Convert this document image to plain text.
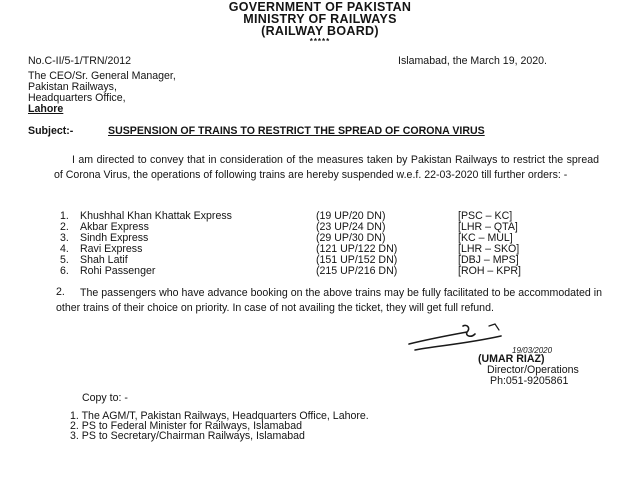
GOVERNMENT OF PAKISTAN
MINISTRY OF RAILWAYS
(RAILWAY BOARD)
*****
No.C-II/5-1/TRN/2012	Islamabad, the March 19, 2020.
The CEO/Sr. General Manager,
Pakistan Railways,
Headquarters Office,
Lahore
Subject:-	SUSPENSION OF TRAINS TO RESTRICT THE SPREAD OF CORONA VIRUS
I am directed to convey that in consideration of the measures taken by Pakistan Railways to restrict the spread of Corona Virus, the operations of following trains are hereby suspended w.e.f. 22-03-2020 till further orders: -
1. Khushhal Khan Khattak Express	(19 UP/20 DN)	[PSC – KC]
2. Akbar Express	(23 UP/24 DN)	[LHR – QTA]
3. Sindh Express	(29 UP/30 DN)	[KC – MUL]
4. Ravi Express	(121 UP/122 DN)	[LHR – SKO]
5. Shah Latif	(151 UP/152 DN)	[DBJ – MPS]
6. Rohi Passenger	(215 UP/216 DN)	[ROH – KPR]
2.	The passengers who have advance booking on the above trains may be fully facilitated to be accommodated in other trains of their choice on priority. In case of not availing the ticket, they will get full refund.
19/03/2020
(UMAR RIAZ)
Director/Operations
Ph:051-9205861
Copy to: -
1. The AGM/T, Pakistan Railways, Headquarters Office, Lahore.
2. PS to Federal Minister for Railways, Islamabad
3. PS to Secretary/Chairman Railways, Islamabad
